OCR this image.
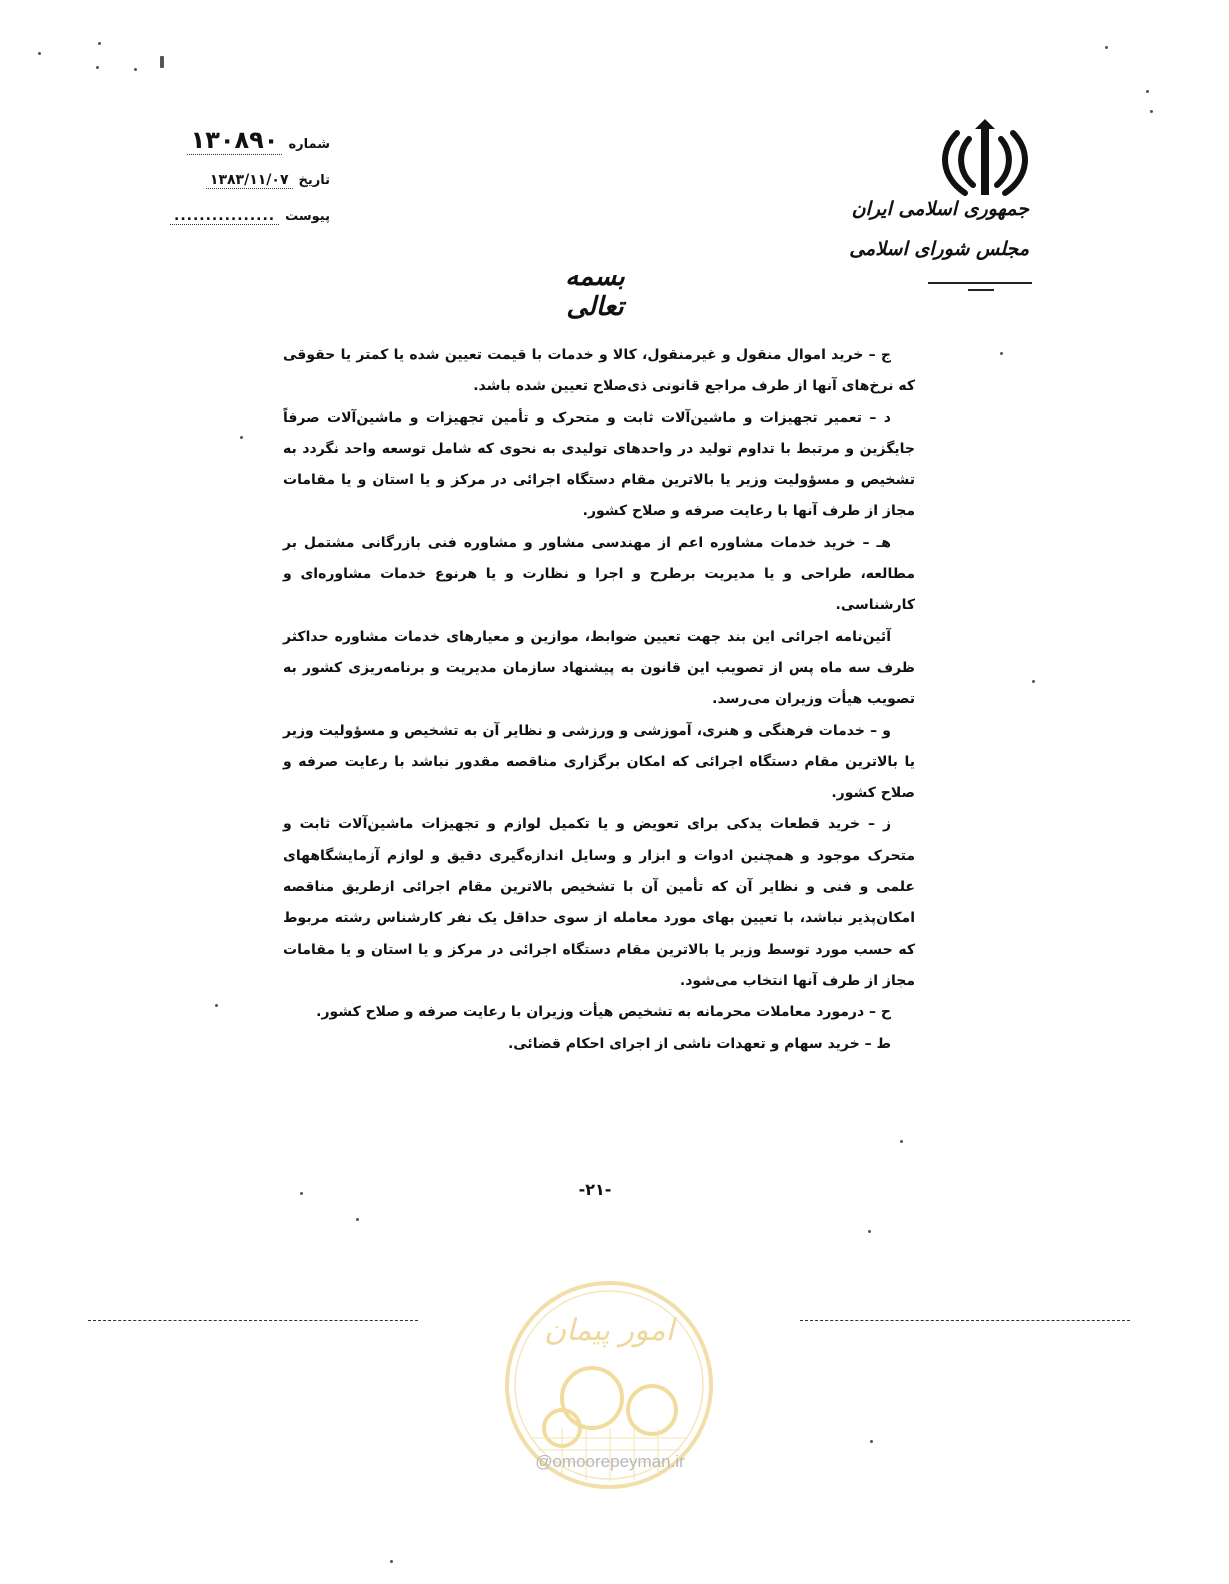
جمهوری اسلامی ایران
مجلس شورای اسلامی
شماره
۱۳۰۸۹۰
تاریخ
۱۳۸۳/۱۱/۰۷
پیوست
................
بسمه تعالی

ج – خرید اموال منقول و غیرمنقول، کالا و خدمات با قیمت تعیین شده یا کمتر یا حقوقی که نرخ‌های آنها از طرف مراجع قانونی ذی‌صلاح تعیین شده باشد.

د – تعمیر تجهیزات و ماشین‌آلات ثابت و متحرک و تأمین تجهیزات و ماشین‌آلات صرفاً جایگزین و مرتبط با تداوم تولید در واحدهای تولیدی به نحوی که شامل توسعه واحد نگردد به تشخیص و مسؤولیت وزیر یا بالاترین مقام دستگاه اجرائی در مرکز و یا استان و یا مقامات مجاز از طرف آنها با رعایت صرفه و صلاح کشور.

هـ – خرید خدمات مشاوره اعم از مهندسی مشاور و مشاوره فنی بازرگانی مشتمل بر مطالعه، طراحی و یا مدیریت برطرح و اجرا و نظارت و یا هرنوع خدمات مشاوره‌ای و کارشناسی.

آئین‌نامه اجرائی این بند جهت تعیین ضوابط، موازین و معیارهای خدمات مشاوره حداکثر ظرف سه ماه پس از تصویب این قانون به پیشنهاد سازمان مدیریت و برنامه‌ریزی کشور به تصویب هیأت وزیران می‌رسد.

و – خدمات فرهنگی و هنری، آموزشی و ورزشی و نظایر آن به تشخیص و مسؤولیت وزیر یا بالاترین مقام دستگاه اجرائی که امکان برگزاری مناقصه مقدور نباشد با رعایت صرفه و صلاح کشور.

ز – خرید قطعات یدکی برای تعویض و یا تکمیل لوازم و تجهیزات ماشین‌آلات ثابت و متحرک موجود و همچنین ادوات و ابزار و وسایل اندازه‌گیری دقیق و لوازم آزمایشگاههای علمی و فنی و نظایر آن که تأمین آن با تشخیص بالاترین مقام اجرائی ازطریق مناقصه امکان‌پذیر نباشد، با تعیین بهای مورد معامله از سوی حداقل یک نفر کارشناس رشته مربوط که حسب مورد توسط وزیر یا بالاترین مقام دستگاه اجرائی در مرکز و یا استان و یا مقامات مجاز از طرف آنها انتخاب می‌شود.

ح – درمورد معاملات محرمانه به تشخیص هیأت وزیران با رعایت صرفه و صلاح کشور.

ط – خرید سهام و تعهدات ناشی از اجرای احکام قضائی.

-۲۱-
امور پیمان
@omoorepeyman.ir
